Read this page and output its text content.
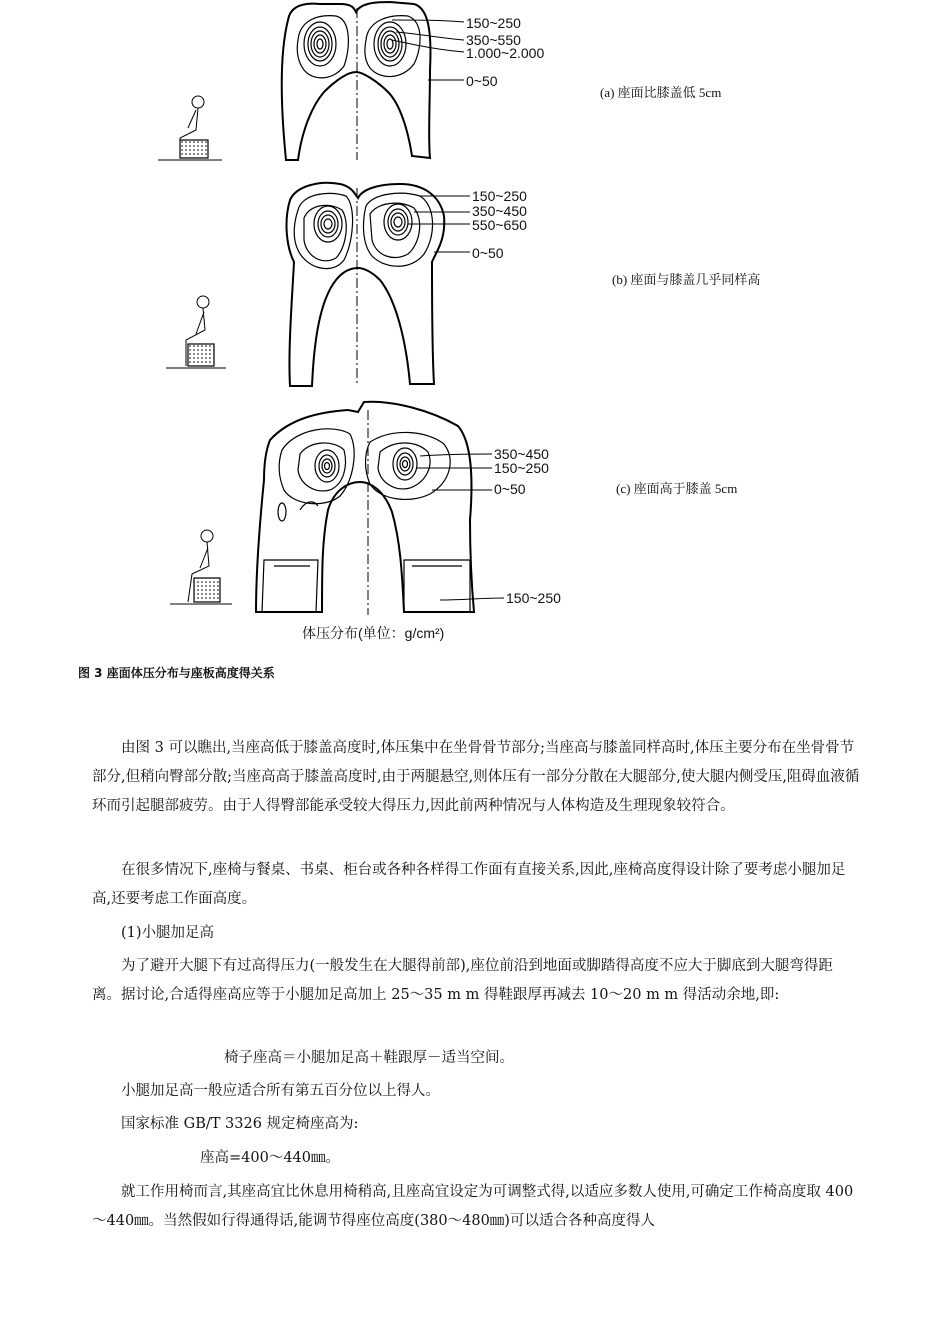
150~250
350~550
1.000~2.000
0~50
(a) 座面比膝盖低 5cm
150~250
350~450
550~650
0~50
(b) 座面与膝盖几乎同样高
350~450
150~250
0~50
150~250
(c) 座面高于膝盖 5cm
体压分布(单位：g/cm²)
图 3 座面体压分布与座板高度得关系
由图 3 可以瞧出,当座高低于膝盖高度时,体压集中在坐骨骨节部分;当座高与膝盖同样高时,体压主要分布在坐骨骨节部分,但稍向臀部分散;当座高高于膝盖高度时,由于两腿悬空,则体压有一部分分散在大腿部分,使大腿内侧受压,阻碍血液循环而引起腿部疲劳。由于人得臀部能承受较大得压力,因此前两种情况与人体构造及生理现象较符合。
在很多情况下,座椅与餐桌、书桌、柜台或各种各样得工作面有直接关系,因此,座椅高度得设计除了要考虑小腿加足高,还要考虑工作面高度。
(1)小腿加足高
为了避开大腿下有过高得压力(一般发生在大腿得前部),座位前沿到地面或脚踏得高度不应大于脚底到大腿弯得距离。据讨论,合适得座高应等于小腿加足高加上 25～35 m m 得鞋跟厚再减去 10～20 m m 得活动余地,即:
椅子座高＝小腿加足高＋鞋跟厚－适当空间。
小腿加足高一般应适合所有第五百分位以上得人。
国家标准 GB/T 3326 规定椅座高为:
座高=400～440㎜。
就工作用椅而言,其座高宜比休息用椅稍高,且座高宜设定为可调整式得,以适应多数人使用,可确定工作椅高度取 400～440㎜。当然假如行得通得话,能调节得座位高度(380～480㎜)可以适合各种高度得人
